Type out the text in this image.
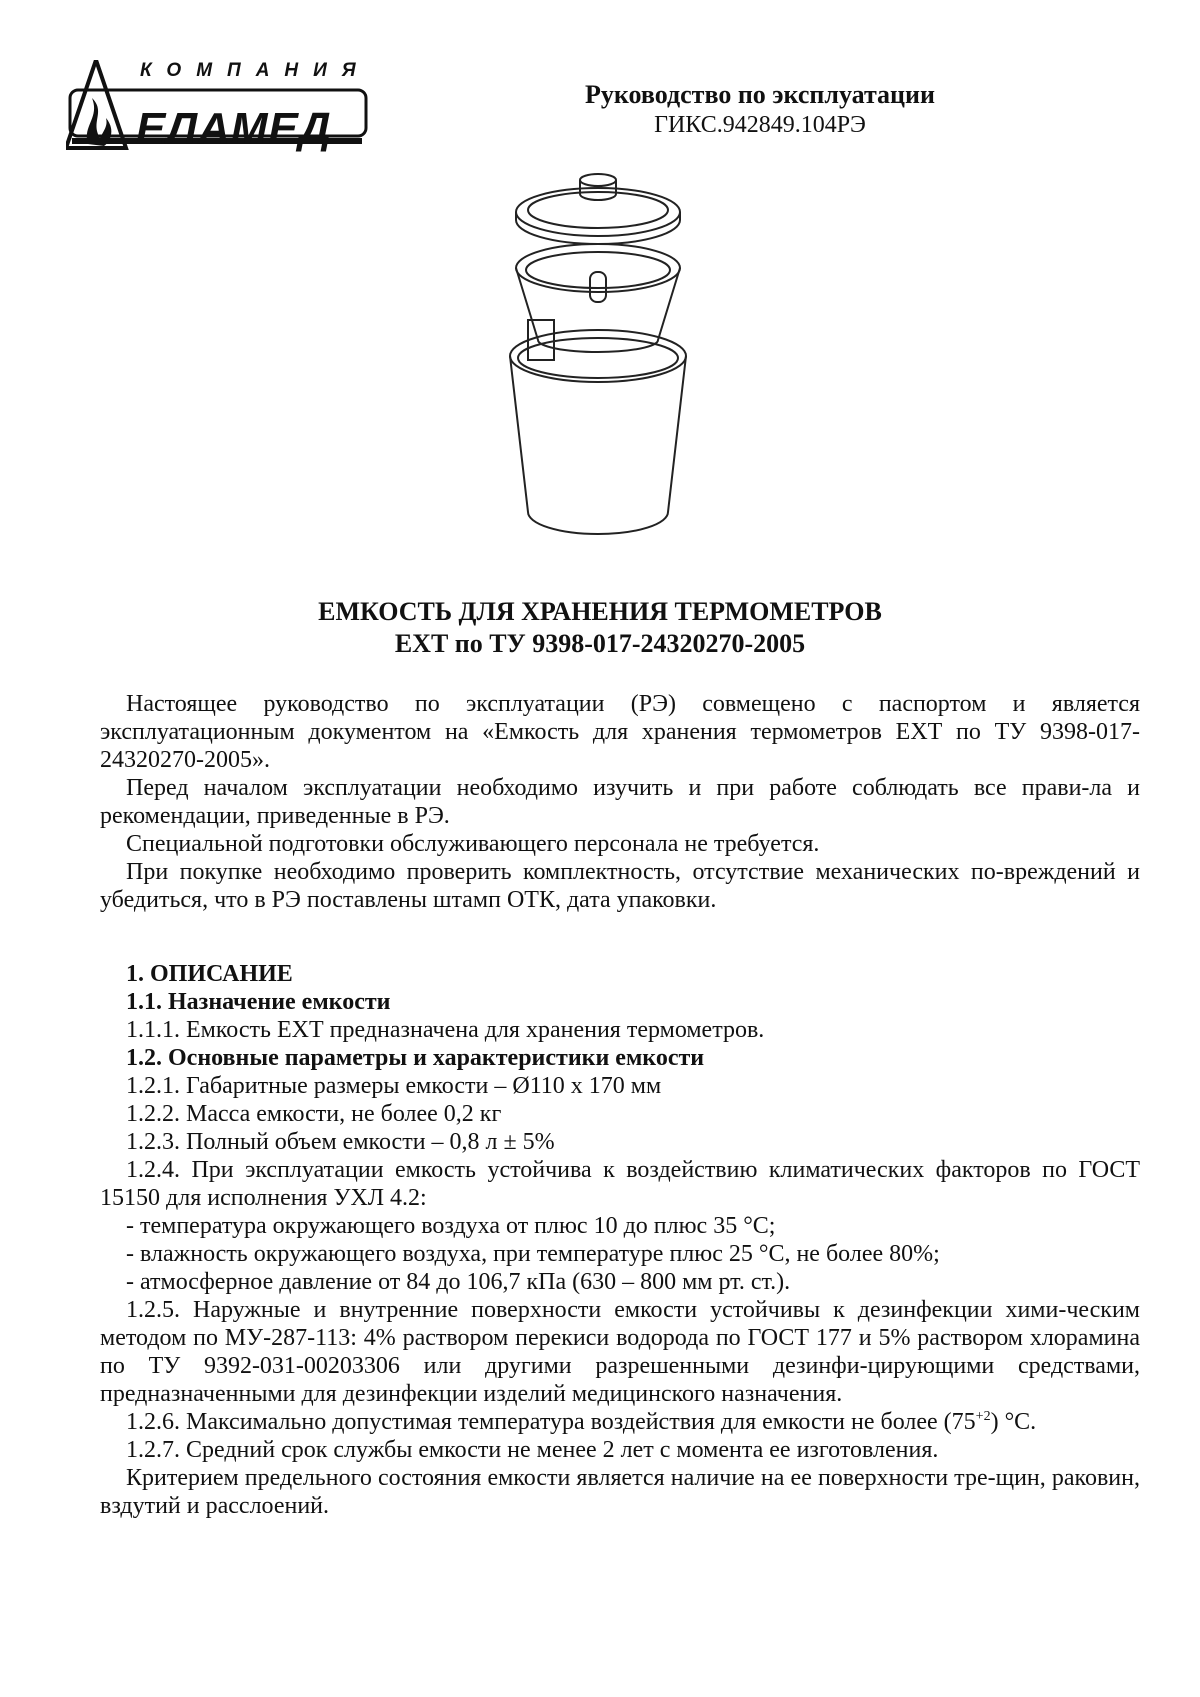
КОМПАНИЯ
ЕЛАМЕД
Руководство по эксплуатации
ГИКС.942849.104РЭ
ЕМКОСТЬ ДЛЯ ХРАНЕНИЯ ТЕРМОМЕТРОВ
ЕХТ по ТУ 9398-017-24320270-2005

Настоящее руководство по эксплуатации (РЭ) совмещено с паспортом и является эксплуатационным документом на «Емкость для хранения термометров ЕХТ по ТУ 9398-017-24320270-2005».

Перед началом эксплуатации необходимо изучить и при работе соблюдать все прави-ла и рекомендации, приведенные в РЭ.

Специальной подготовки обслуживающего персонала не требуется.

При покупке необходимо проверить комплектность, отсутствие механических по-вреждений и убедиться, что в РЭ поставлены штамп ОТК, дата упаковки.

1. ОПИСАНИЕ

1.1. Назначение емкости

1.1.1. Емкость ЕХТ предназначена для хранения термометров.

1.2. Основные параметры и характеристики емкости

1.2.1. Габаритные размеры емкости – Ø110 х 170 мм

1.2.2. Масса емкости, не более 0,2 кг

1.2.3. Полный объем емкости – 0,8 л ± 5%

1.2.4. При эксплуатации емкость устойчива к воздействию климатических факторов по ГОСТ 15150 для исполнения УХЛ 4.2:

- температура окружающего воздуха от плюс 10 до плюс 35 °С;

- влажность окружающего воздуха, при температуре плюс 25 °С, не более 80%;

- атмосферное давление от 84 до 106,7 кПа (630 – 800 мм рт. ст.).

1.2.5. Наружные и внутренние поверхности емкости устойчивы к дезинфекции хими-ческим методом по МУ-287-113: 4% раствором перекиси водорода по ГОСТ 177 и 5% раствором хлорамина по ТУ 9392-031-00203306 или другими разрешенными дезинфи-цирующими средствами, предназначенными для дезинфекции изделий медицинского назначения.

1.2.6. Максимально допустимая температура воздействия для емкости не более $(75^{+2})$ °С.

1.2.7. Средний срок службы емкости не менее 2 лет с момента ее изготовления.

Критерием предельного состояния емкости является наличие на ее поверхности тре-щин, раковин, вздутий и расслоений.
